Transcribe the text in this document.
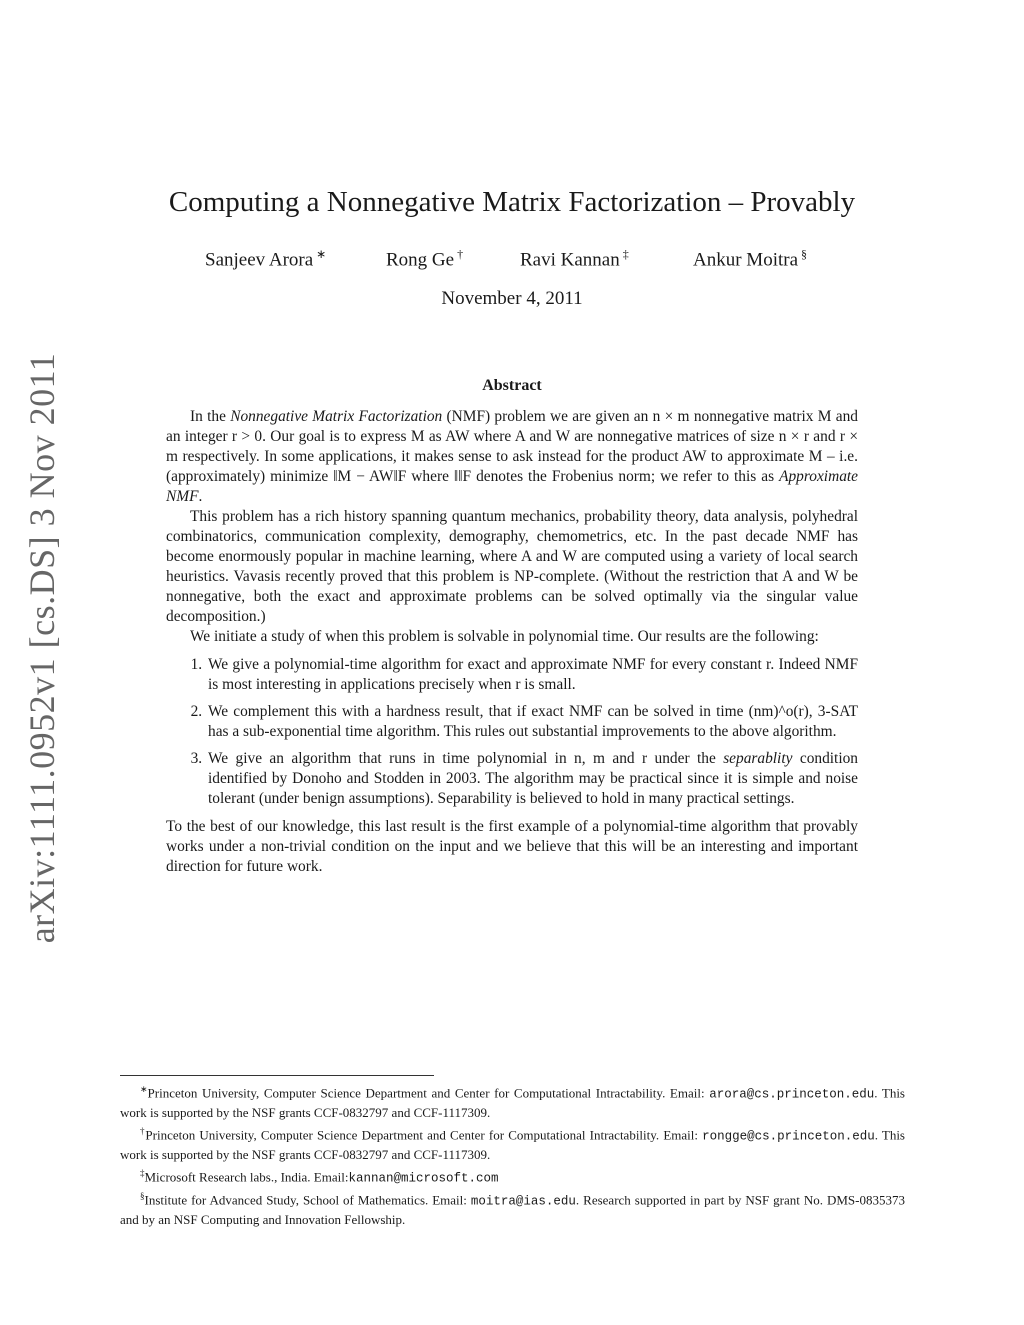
arXiv:1111.0952v1 [cs.DS] 3 Nov 2011
Computing a Nonnegative Matrix Factorization – Provably
Sanjeev Arora ∗	Rong Ge †	Ravi Kannan ‡	Ankur Moitra §
November 4, 2011
Abstract

In the Nonnegative Matrix Factorization (NMF) problem we are given an n × m nonnegative matrix M and an integer r > 0. Our goal is to express M as AW where A and W are nonnegative matrices of size n × r and r × m respectively. In some applications, it makes sense to ask instead for the product AW to approximate M – i.e. (approximately) minimize ‖M − AW‖F where ‖‖F denotes the Frobenius norm; we refer to this as Approximate NMF.

This problem has a rich history spanning quantum mechanics, probability theory, data analysis, polyhedral combinatorics, communication complexity, demography, chemometrics, etc. In the past decade NMF has become enormously popular in machine learning, where A and W are computed using a variety of local search heuristics. Vavasis recently proved that this problem is NP-complete. (Without the restriction that A and W be nonnegative, both the exact and approximate problems can be solved optimally via the singular value decomposition.)

We initiate a study of when this problem is solvable in polynomial time. Our results are the following:

1. We give a polynomial-time algorithm for exact and approximate NMF for every constant r. Indeed NMF is most interesting in applications precisely when r is small.
2. We complement this with a hardness result, that if exact NMF can be solved in time (nm)^o(r), 3-SAT has a sub-exponential time algorithm. This rules out substantial improvements to the above algorithm.
3. We give an algorithm that runs in time polynomial in n, m and r under the separablity condition identified by Donoho and Stodden in 2003. The algorithm may be practical since it is simple and noise tolerant (under benign assumptions). Separability is believed to hold in many practical settings.

To the best of our knowledge, this last result is the first example of a polynomial-time algorithm that provably works under a non-trivial condition on the input and we believe that this will be an interesting and important direction for future work.

∗Princeton University, Computer Science Department and Center for Computational Intractability. Email: arora@cs.princeton.edu. This work is supported by the NSF grants CCF-0832797 and CCF-1117309.

†Princeton University, Computer Science Department and Center for Computational Intractability. Email: rongge@cs.princeton.edu. This work is supported by the NSF grants CCF-0832797 and CCF-1117309.

‡Microsoft Research labs., India. Email:kannan@microsoft.com

§Institute for Advanced Study, School of Mathematics. Email: moitra@ias.edu. Research supported in part by NSF grant No. DMS-0835373 and by an NSF Computing and Innovation Fellowship.
